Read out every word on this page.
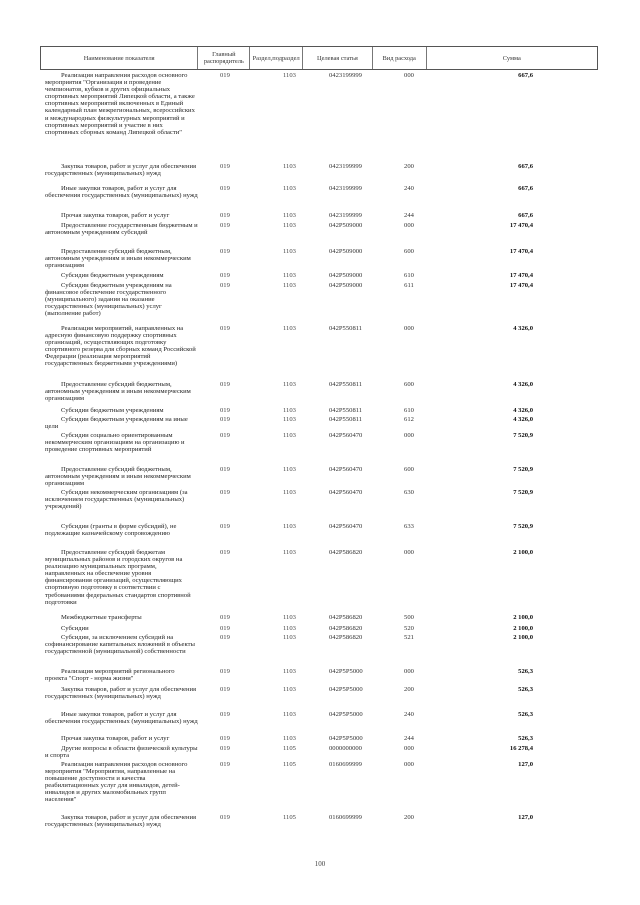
Наименование показателя	Главный распорядитель	Раздел,подраздел	Целевая статья	Вид расхода	Сумма
Реализация направления расходов основного мероприятия "Организация и проведение чемпионатов, кубков и других официальных спортивных мероприятий Липецкой области, а также спортивных мероприятий включенных в Единый календарный план межрегиональных, всероссийских и международных физкультурных мероприятий и спортивных мероприятий и участие в них спортивных сборных команд Липецкой области"
019	1103	0423199999	000	667,6
Закупка товаров, работ и услуг для обеспечения государственных (муниципальных) нужд
019	1103	0423199999	200	667,6
Иные закупки товаров, работ и услуг для обеспечения государственных (муниципальных) нужд
019	1103	0423199999	240	667,6
Прочая закупка товаров, работ и услуг	019	1103	0423199999	244	667,6
Предоставление государственным бюджетным и автономным учреждениям субсидий
019	1103	042P509000	000	17 470,4
Предоставление субсидий бюджетным, автономным учреждениям и иным некоммерческим организациям
019	1103	042P509000	600	17 470,4
Субсидии бюджетным учреждениям	019	1103	042P509000	610	17 470,4
Субсидии бюджетным учреждениям на финансовое обеспечение государственного (муниципального) задания на оказание государственных (муниципальных) услуг (выполнение работ)
019	1103	042P509000	611	17 470,4
Реализация мероприятий, направленных на адресную финансовую поддержку спортивных организаций, осуществляющих подготовку спортивного резерва для сборных команд Российской Федерации (реализация мероприятий государственных бюджетными учреждениями)
019	1103	042P550811	000	4 326,0
Предоставление субсидий бюджетным, автономным учреждениям и иным некоммерческим организациям
019	1103	042P550811	600	4 326,0
Субсидии бюджетным учреждениям	019	1103	042P550811	610	4 326,0
Субсидии бюджетным учреждениям на иные цели
019	1103	042P550811	612	4 326,0
Субсидии социально ориентированным некоммерческим организациям на организацию и проведение спортивных мероприятий
019	1103	042P560470	000	7 520,9
Предоставление субсидий бюджетным, автономным учреждениям и иным некоммерческим организациям
019	1103	042P560470	600	7 520,9
Субсидии некоммерческим организациям (за исключением государственных (муниципальных) учреждений)
019	1103	042P560470	630	7 520,9
Субсидии (гранты в форме субсидий), не подлежащие казначейскому сопровождению
019	1103	042P560470	633	7 520,9
Предоставление субсидий бюджетам муниципальных районов и городских округов на реализацию муниципальных программ, направленных на обеспечение уровня финансирования организаций, осуществляющих спортивную подготовку в соответствии с требованиями федеральных стандартов спортивной подготовки
019	1103	042P586820	000	2 100,0
Межбюджетные трансферты	019	1103	042P586820	500	2 100,0
Субсидии	019	1103	042P586820	520	2 100,0
Субсидии, за исключением субсидий на софинансирование капитальных вложений в объекты государственной (муниципальной) собственности
019	1103	042P586820	521	2 100,0
Реализация мероприятий регионального проекта "Спорт - норма жизни"
019	1103	042P5P5000	000	526,3
Закупка товаров, работ и услуг для обеспечения государственных (муниципальных) нужд
019	1103	042P5P5000	200	526,3
Иные закупки товаров, работ и услуг для обеспечения государственных (муниципальных) нужд
019	1103	042P5P5000	240	526,3
Прочая закупка товаров, работ и услуг	019	1103	042P5P5000	244	526,3
Другие вопросы в области физической культуры и спорта
019	1105	0000000000	000	16 278,4
Реализация направления расходов основного мероприятия "Мероприятия, направленные на повышение доступности и качества реабилитационных услуг для инвалидов, детей-инвалидов и других маломобильных групп населения"
019	1105	0160699999	000	127,0
Закупка товаров, работ и услуг для обеспечения государственных (муниципальных) нужд
019	1105	0160699999	200	127,0
100
